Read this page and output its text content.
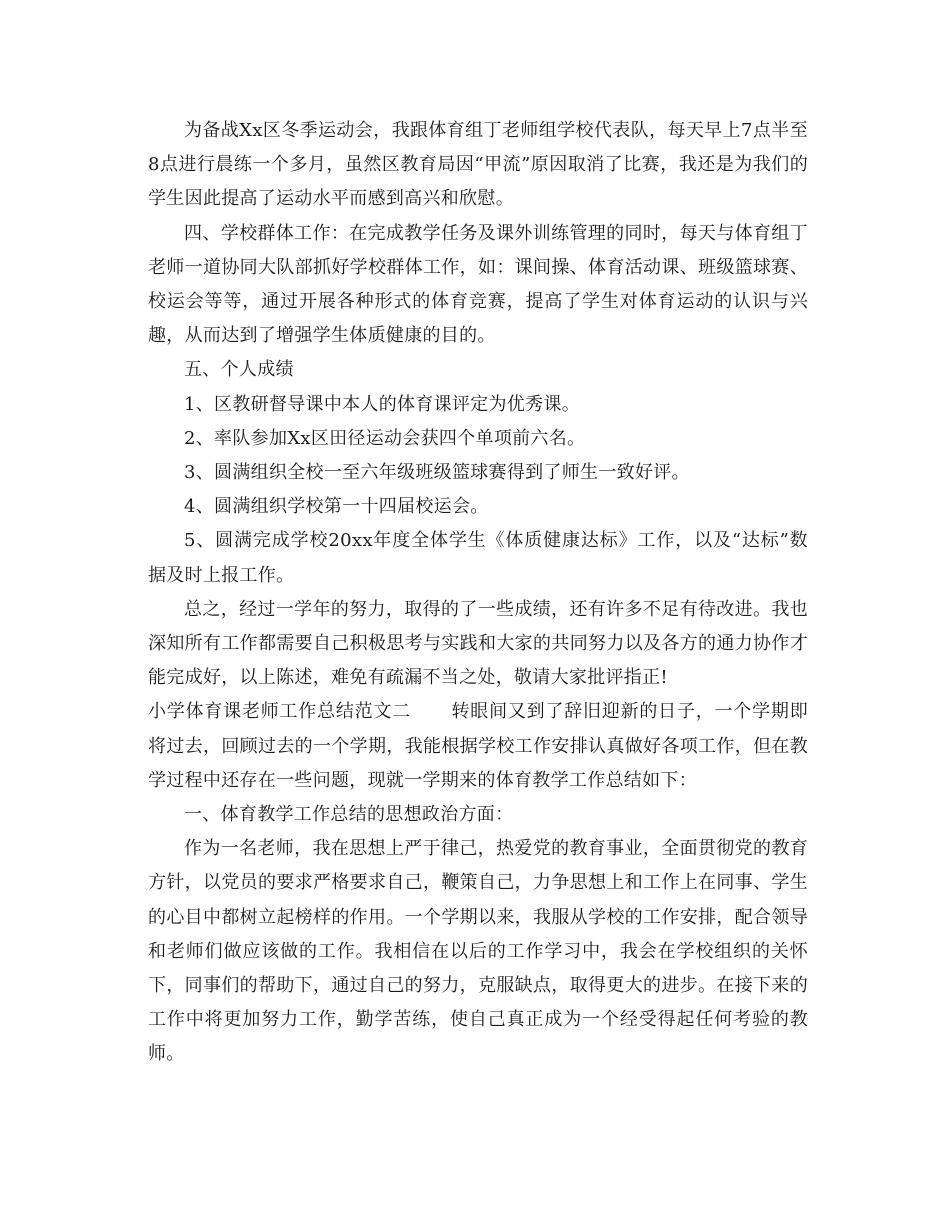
为备战Xx区冬季运动会，我跟体育组丁老师组学校代表队，每天早上7点半至8点进行晨练一个多月，虽然区教育局因“甲流”原因取消了比赛，我还是为我们的学生因此提高了运动水平而感到高兴和欣慰。

四、学校群体工作：在完成教学任务及课外训练管理的同时，每天与体育组丁老师一道协同大队部抓好学校群体工作，如：课间操、体育活动课、班级篮球赛、校运会等等，通过开展各种形式的体育竞赛，提高了学生对体育运动的认识与兴趣，从而达到了增强学生体质健康的目的。

五、个人成绩

1、区教研督导课中本人的体育课评定为优秀课。

2、率队参加Xx区田径运动会获四个单项前六名。

3、圆满组织全校一至六年级班级篮球赛得到了师生一致好评。

4、圆满组织学校第一十四届校运会。

5、圆满完成学校20xx年度全体学生《体质健康达标》工作，以及“达标”数据及时上报工作。

总之，经过一学年的努力，取得的了一些成绩，还有许多不足有待改进。我也深知所有工作都需要自己积极思考与实践和大家的共同努力以及各方的通力协作才能完成好，以上陈述，难免有疏漏不当之处，敬请大家批评指正!

小学体育课老师工作总结范文二 转眼间又到了辞旧迎新的日子，一个学期即将过去，回顾过去的一个学期，我能根据学校工作安排认真做好各项工作，但在教学过程中还存在一些问题，现就一学期来的体育教学工作总结如下：

一、体育教学工作总结的思想政治方面：

作为一名老师，我在思想上严于律己，热爱党的教育事业，全面贯彻党的教育方针，以党员的要求严格要求自己，鞭策自己，力争思想上和工作上在同事、学生的心目中都树立起榜样的作用。一个学期以来，我服从学校的工作安排，配合领导和老师们做应该做的工作。我相信在以后的工作学习中，我会在学校组织的关怀下，同事们的帮助下，通过自己的努力，克服缺点，取得更大的进步。在接下来的工作中将更加努力工作，勤学苦练，使自己真正成为一个经受得起任何考验的教师。
